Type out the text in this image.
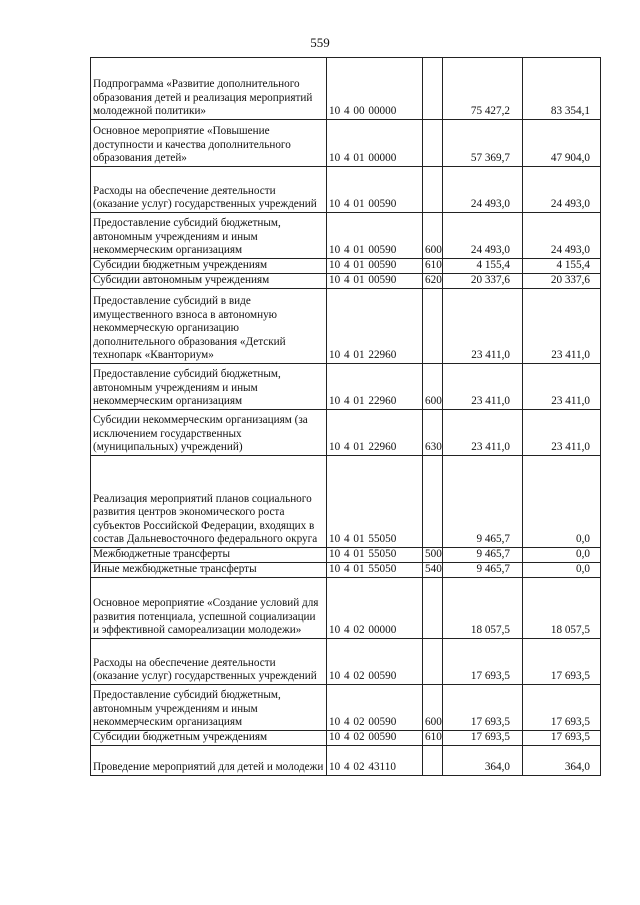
559
Подпрограмма «Развитие дополнительного образования детей и реализация мероприятий молодежной политики»	10 4 00 00000		75 427,2	83 354,1
Основное мероприятие «Повышение доступности и качества дополнительного образования детей»	10 4 01 00000		57 369,7	47 904,0
Расходы на обеспечение деятельности (оказание услуг) государственных учреждений	10 4 01 00590		24 493,0	24 493,0
Предоставление субсидий бюджетным, автономным учреждениям и иным некоммерческим организациям	10 4 01 00590	600	24 493,0	24 493,0
Субсидии бюджетным учреждениям	10 4 01 00590	610	4 155,4	4 155,4
Субсидии автономным учреждениям	10 4 01 00590	620	20 337,6	20 337,6
Предоставление субсидий в виде имущественного взноса в автономную некоммерческую организацию дополнительного образования «Детский технопарк «Кванториум»	10 4 01 22960		23 411,0	23 411,0
Предоставление субсидий бюджетным, автономным учреждениям и иным некоммерческим организациям	10 4 01 22960	600	23 411,0	23 411,0
Субсидии некоммерческим организациям (за исключением государственных (муниципальных) учреждений)	10 4 01 22960	630	23 411,0	23 411,0
Реализация мероприятий планов социального развития центров экономического роста субъектов Российской Федерации, входящих в состав Дальневосточного федерального округа	10 4 01 55050		9 465,7	0,0
Межбюджетные трансферты	10 4 01 55050	500	9 465,7	0,0
Иные межбюджетные трансферты	10 4 01 55050	540	9 465,7	0,0
Основное мероприятие «Создание условий для развития потенциала, успешной социализации и эффективной самореализации молодежи»	10 4 02 00000		18 057,5	18 057,5
Расходы на обеспечение деятельности (оказание услуг) государственных учреждений	10 4 02 00590		17 693,5	17 693,5
Предоставление субсидий бюджетным, автономным учреждениям и иным некоммерческим организациям	10 4 02 00590	600	17 693,5	17 693,5
Субсидии бюджетным учреждениям	10 4 02 00590	610	17 693,5	17 693,5
Проведение мероприятий для детей и молодежи	10 4 02 43110		364,0	364,0
